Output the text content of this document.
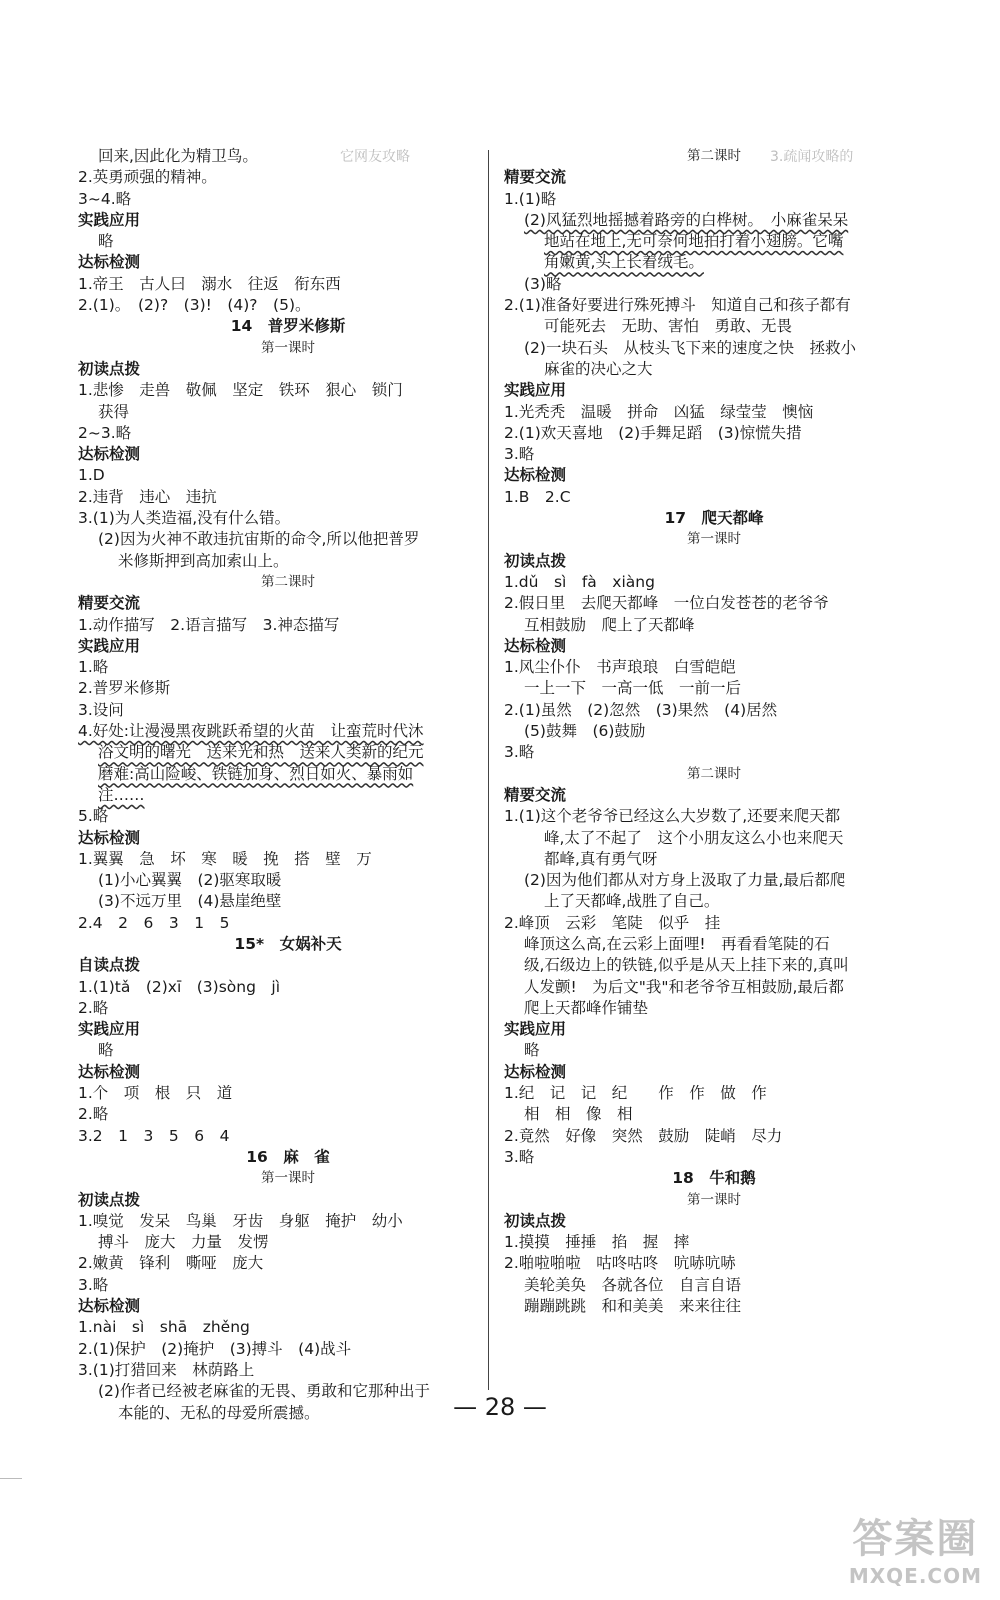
它网友攻略	3.疏闻攻略的
回来,因此化为精卫鸟。
2.英勇顽强的精神。
3~4.略
实践应用
略
达标检测
1.帝王　古人曰　溺水　往返　衔东西
2.(1)。　(2)?　(3)!　(4)?　(5)。
14　普罗米修斯
第一课时
初读点拨
1.悲惨　走兽　敬佩　坚定　铁环　狠心　锁门
获得
2~3.略
达标检测
1.D
2.违背　违心　违抗
3.(1)为人类造福,没有什么错。
(2)因为火神不敢违抗宙斯的命令,所以他把普罗
米修斯押到高加索山上。
第二课时
精要交流
1.动作描写　2.语言描写　3.神态描写
实践应用
1.略
2.普罗米修斯
3.设问
4.好处:让漫漫黑夜跳跃希望的火苗　让蛮荒时代沐
浴文明的曙光　送来光和热　送来人类新的纪元
磨难:高山险峻、铁链加身、烈日如火、暴雨如
注……
5.略
达标检测
1.翼翼　急　坏　寒　暖　挽　搭　壁　万
(1)小心翼翼　(2)驱寒取暖
(3)不远万里　(4)悬崖绝壁
2.4　2　6　3　1　5
15*　女娲补天
自读点拨
1.(1)tǎ　(2)xī　(3)sòng　jì
2.略
实践应用
略
达标检测
1.个　项　根　只　道
2.略
3.2　1　3　5　6　4
16　麻　雀
第一课时
初读点拨
1.嗅觉　发呆　鸟巢　牙齿　身躯　掩护　幼小
搏斗　庞大　力量　发愣
2.嫩黄　锋利　嘶哑　庞大
3.略
达标检测
1.nài　sì　shā　zhěng
2.(1)保护　(2)掩护　(3)搏斗　(4)战斗
3.(1)打猎回来　林荫路上
(2)作者已经被老麻雀的无畏、勇敢和它那种出于
本能的、无私的母爱所震撼。
第二课时
精要交流
1.(1)略
(2)风猛烈地摇撼着路旁的白桦树。　小麻雀呆呆
地站在地上,无可奈何地拍打着小翅膀。它嘴
角嫩黄,头上长着绒毛。
(3)略
2.(1)准备好要进行殊死搏斗　知道自己和孩子都有
可能死去　无助、害怕　勇敢、无畏
(2)一块石头　从枝头飞下来的速度之快　拯救小
麻雀的决心之大
实践应用
1.光秃秃　温暖　拼命　凶猛　绿莹莹　懊恼
2.(1)欢天喜地　(2)手舞足蹈　(3)惊慌失措
3.略
达标检测
1.B　2.C
17　爬天都峰
第一课时
初读点拨
1.dǔ　sì　fà　xiàng
2.假日里　去爬天都峰　一位白发苍苍的老爷爷
互相鼓励　爬上了天都峰
达标检测
1.风尘仆仆　书声琅琅　白雪皑皑
一上一下　一高一低　一前一后
2.(1)虽然　(2)忽然　(3)果然　(4)居然
(5)鼓舞　(6)鼓励
3.略
第二课时
精要交流
1.(1)这个老爷爷已经这么大岁数了,还要来爬天都
峰,太了不起了　这个小朋友这么小也来爬天
都峰,真有勇气呀
(2)因为他们都从对方身上汲取了力量,最后都爬
上了天都峰,战胜了自己。
2.峰顶　云彩　笔陡　似乎　挂
峰顶这么高,在云彩上面哩!　再看看笔陡的石
级,石级边上的铁链,似乎是从天上挂下来的,真叫
人发颤!　为后文"我"和老爷爷互相鼓励,最后都
爬上天都峰作铺垫
实践应用
略
达标检测
1.纪　记　记　纪　　作　作　做　作
相　相　像　相
2.竟然　好像　突然　鼓励　陡峭　尽力
3.略
18　牛和鹅
第一课时
初读点拨
1.摸摸　捶捶　掐　握　摔
2.啪啦啪啦　咕咚咕咚　吭哧吭哧
美轮美奂　各就各位　自言自语
蹦蹦跳跳　和和美美　来来往往
— 28 —
答案圈
MXQE.COM
